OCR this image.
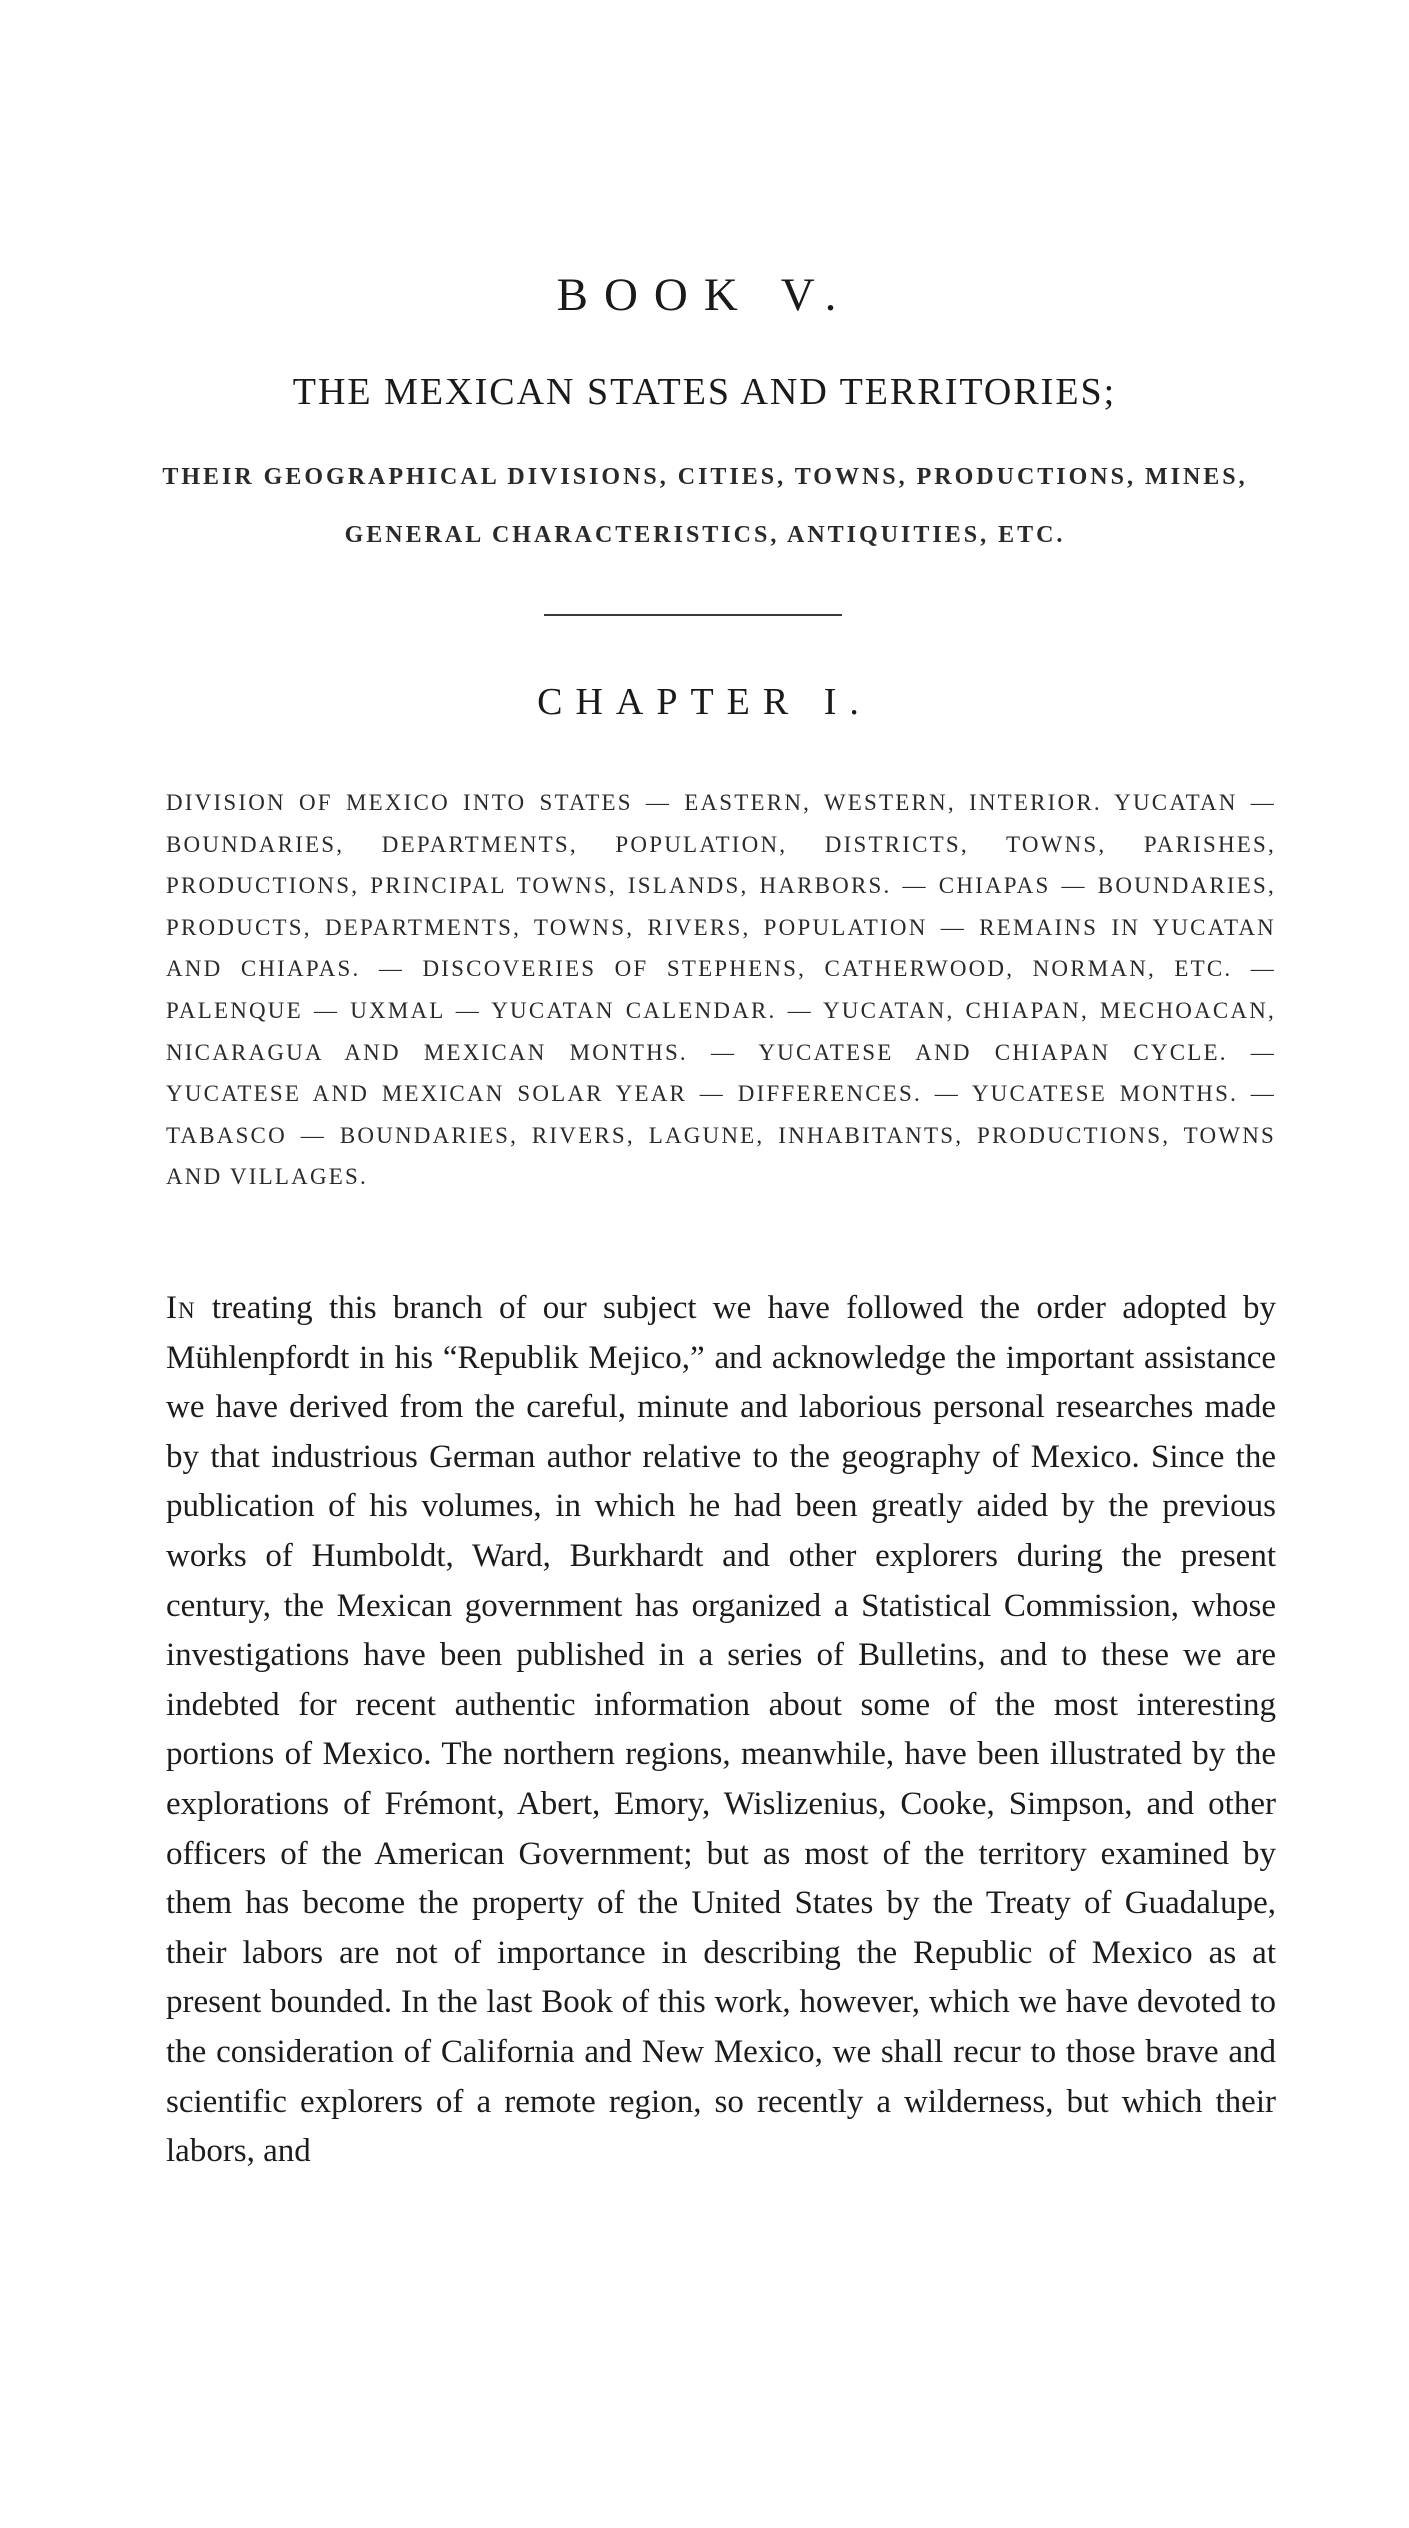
BOOK V.
THE MEXICAN STATES AND TERRITORIES;
THEIR GEOGRAPHICAL DIVISIONS, CITIES, TOWNS, PRODUCTIONS, MINES, GENERAL CHARACTERISTICS, ANTIQUITIES, ETC.
CHAPTER I.
DIVISION OF MEXICO INTO STATES — EASTERN, WESTERN, INTERIOR. YUCATAN — BOUNDARIES, DEPARTMENTS, POPULATION, DISTRICTS, TOWNS, PARISHES, PRODUCTIONS, PRINCIPAL TOWNS, ISLANDS, HARBORS. — CHIAPAS — BOUNDARIES, PRODUCTS, DEPARTMENTS, TOWNS, RIVERS, POPULATION — REMAINS IN YUCATAN AND CHIAPAS. — DISCOVERIES OF STEPHENS, CATHERWOOD, NORMAN, ETC. — PALENQUE — UXMAL — YUCATAN CALENDAR. — YUCATAN, CHIAPAN, MECHOACAN, NICARAGUA AND MEXICAN MONTHS. — YUCATESE AND CHIAPAN CYCLE. — YUCATESE AND MEXICAN SOLAR YEAR — DIFFERENCES. — YUCATESE MONTHS. — TABASCO — BOUNDARIES, RIVERS, LAGUNE, INHABITANTS, PRODUCTIONS, TOWNS AND VILLAGES.
In treating this branch of our subject we have followed the order adopted by Mühlenpfordt in his “Republik Mejico,” and acknowledge the important assistance we have derived from the careful, minute and laborious personal researches made by that industrious German author relative to the geography of Mexico. Since the publication of his volumes, in which he had been greatly aided by the previous works of Humboldt, Ward, Burkhardt and other explorers during the present century, the Mexican government has organized a Statistical Commission, whose investigations have been published in a series of Bulletins, and to these we are indebted for recent authentic information about some of the most interesting portions of Mexico. The northern regions, meanwhile, have been illustrated by the explorations of Frémont, Abert, Emory, Wislizenius, Cooke, Simpson, and other officers of the American Government; but as most of the territory examined by them has become the property of the United States by the Treaty of Guadalupe, their labors are not of importance in describing the Republic of Mexico as at present bounded. In the last Book of this work, however, which we have devoted to the consideration of California and New Mexico, we shall recur to those brave and scientific explorers of a remote region, so recently a wilderness, but which their labors, and
